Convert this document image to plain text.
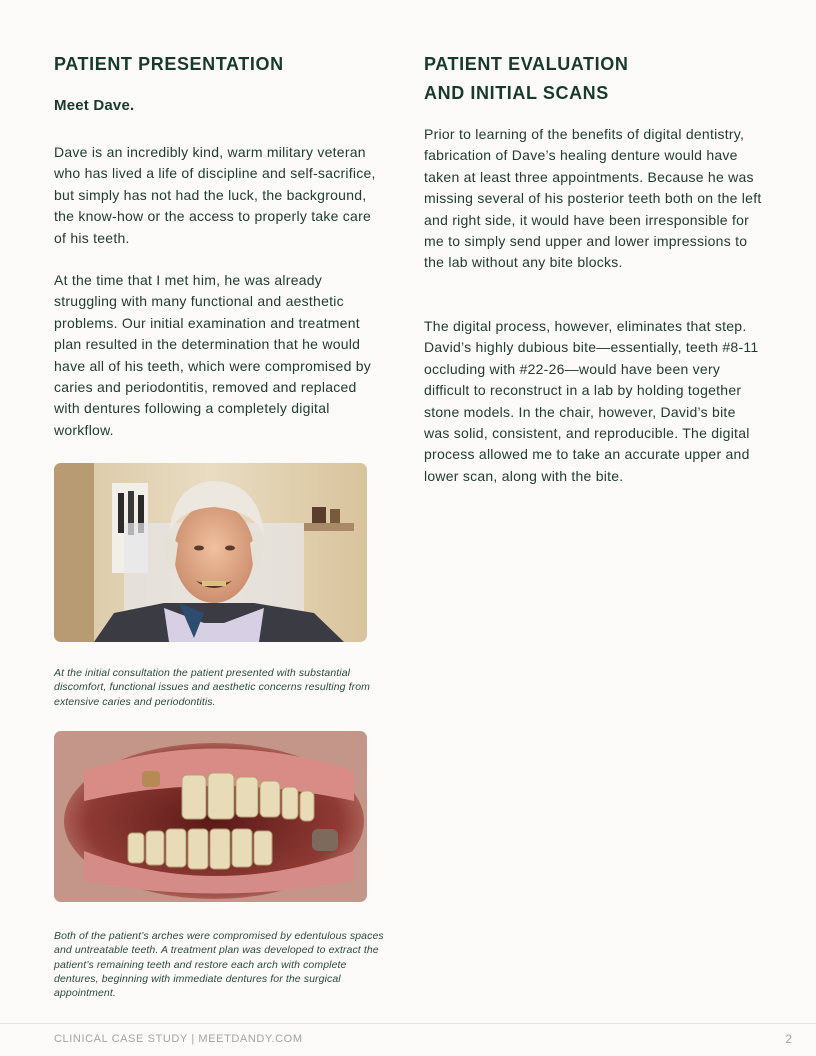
PATIENT PRESENTATION
Meet Dave.

Dave is an incredibly kind, warm military veteran who has lived a life of discipline and self-sacrifice, but simply has not had the luck, the background, the know-how or the access to properly take care of his teeth.

At the time that I met him, he was already struggling with many functional and aesthetic problems. Our initial examination and treatment plan resulted in the determination that he would have all of his teeth, which were compromised by caries and periodontitis, removed and replaced with dentures following a completely digital workflow.

At the initial consultation the patient presented with substantial discomfort, functional issues and aesthetic concerns resulting from extensive caries and periodontitis.

Both of the patient’s arches were compromised by edentulous spaces and untreatable teeth. A treatment plan was developed to extract the patient’s remaining teeth and restore each arch with complete dentures, beginning with immediate dentures for the surgical appointment.

PATIENT EVALUATION
AND INITIAL SCANS

Prior to learning of the benefits of digital dentistry, fabrication of Dave’s healing denture would have taken at least three appointments. Because he was missing several of his posterior teeth both on the left and right side, it would have been irresponsible for me to simply send upper and lower impressions to the lab without any bite blocks.

The digital process, however, eliminates that step. David’s highly dubious bite—essentially, teeth #8-11 occluding with #22-26—would have been very difficult to reconstruct in a lab by holding together stone models. In the chair, however, David’s bite was solid, consistent, and reproducible. The digital process allowed me to take an accurate upper and lower scan, along with the bite.

CLINICAL CASE STUDY | MEETDANDY.COM	2
